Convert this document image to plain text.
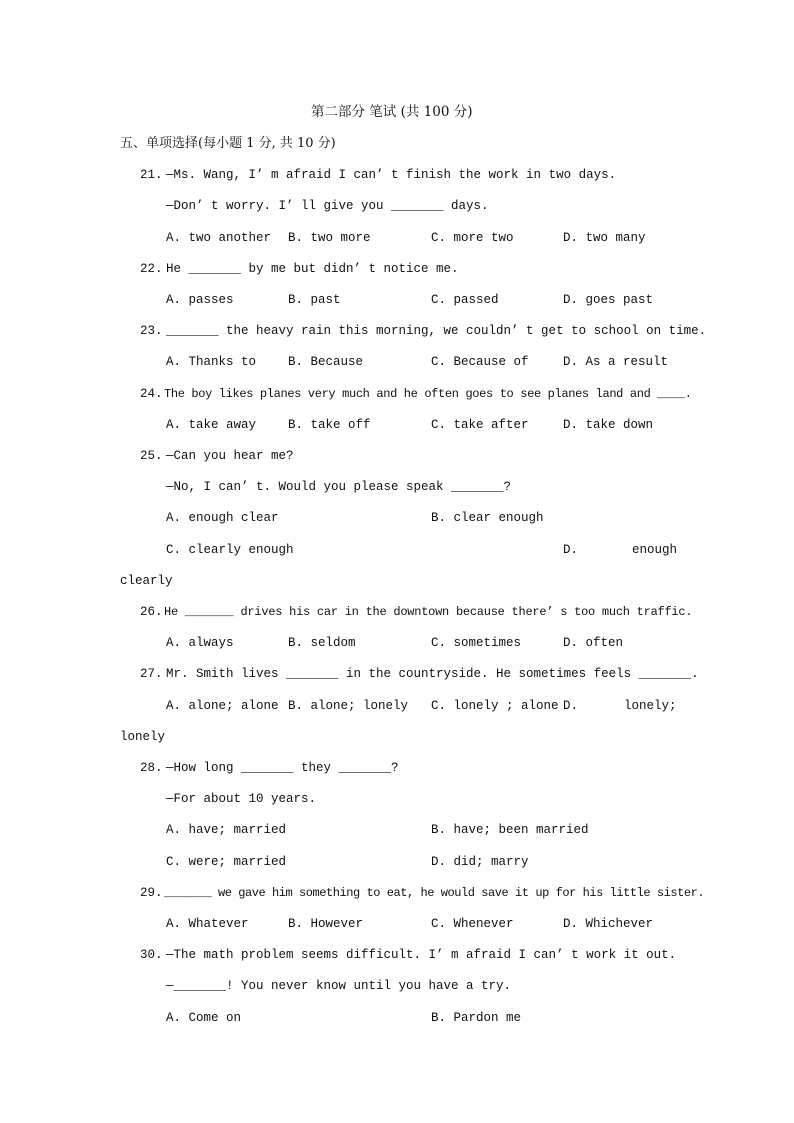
第二部分 笔试 (共 100 分)
五、单项选择(每小题 1 分, 共 10 分)
21. —Ms. Wang, I’ m afraid I can’ t finish the work in two days.
—Don’ t worry. I’ ll give you _______ days.
A. two another B. two more	C. more two	D. two many
22. He _______ by me but didn’ t notice me.
A. passes	B. past	C. passed	D. goes past
23. _______ the heavy rain this morning, we couldn’ t get to school on time.
A. Thanks to	B. Because	C. Because of	D. As a result
24. The boy likes planes very much and he often goes to see planes land and ____.
A. take away	B. take off	C. take after	D. take down
25. —Can you hear me?
—No, I can’ t. Would you please speak _______?
A. enough clear	B. clear enough
C. clearly enough	D.	enough
clearly
26. He _______ drives his car in the downtown because there’ s too much traffic.
A. always	B. seldom	C. sometimes	D. often
27. Mr. Smith lives _______ in the countryside. He sometimes feels _______.
A. alone; alone B. alone; lonely C. lonely ; alone D.	lonely;
lonely
28. —How long _______ they _______?
—For about 10 years.
A. have; married	B. have; been married
C. were; married	D. did; marry
29. _______ we gave him something to eat, he would save it up for his little sister.
A. Whatever	B. However	C. Whenever	D. Whichever
30. —The math problem seems difficult. I’ m afraid I can’ t work it out.
—_______! You never know until you have a try.
A. Come on	B. Pardon me
